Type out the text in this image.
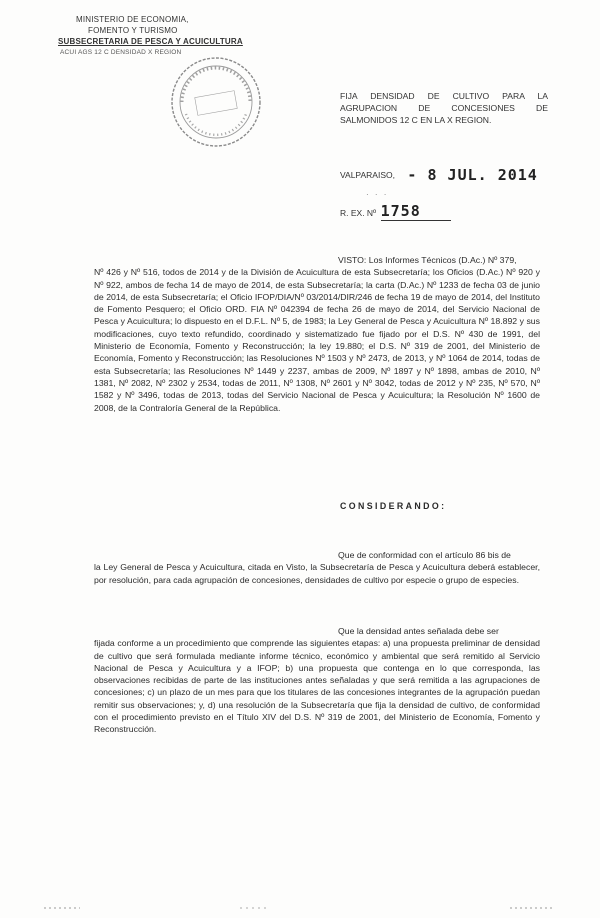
MINISTERIO DE ECONOMIA,
FOMENTO Y TURISMO
SUBSECRETARIA DE PESCA Y ACUICULTURA
ACUI AGS 12 C DENSIDAD X REGION
FIJA DENSIDAD DE CULTIVO PARA LA AGRUPACION DE CONCESIONES DE SALMONIDOS 12 C EN LA X REGION.
VALPARAISO, - 8 JUL. 2014
· · ·
R. EX. Nº 1758
VISTO: Los Informes Técnicos (D.Ac.) Nº 379,
Nº 426 y Nº 516, todos de 2014 y de la División de Acuicultura de esta Subsecretaría; los Oficios (D.Ac.) Nº 920 y Nº 922, ambos de fecha 14 de mayo de 2014, de esta Subsecretaría; la carta (D.Ac.) Nº 1233 de fecha 03 de junio de 2014, de esta Subsecretaría; el Oficio IFOP/DIA/Nº 03/2014/DIR/246 de fecha 19 de mayo de 2014, del Instituto de Fomento Pesquero; el Oficio ORD. FIA Nº 042394 de fecha 26 de mayo de 2014, del Servicio Nacional de Pesca y Acuicultura; lo dispuesto en el D.F.L. Nº 5, de 1983; la Ley General de Pesca y Acuicultura Nº 18.892 y sus modificaciones, cuyo texto refundido, coordinado y sistematizado fue fijado por el D.S. Nº 430 de 1991, del Ministerio de Economía, Fomento y Reconstrucción; la ley 19.880; el D.S. Nº 319 de 2001, del Ministerio de Economía, Fomento y Reconstrucción; las Resoluciones Nº 1503 y Nº 2473, de 2013, y Nº 1064 de 2014, todas de esta Subsecretaría; las Resoluciones Nº 1449 y 2237, ambas de 2009, Nº 1897 y Nº 1898, ambas de 2010, Nº 1381, Nº 2082, Nº 2302 y 2534, todas de 2011, Nº 1308, Nº 2601 y Nº 3042, todas de 2012 y Nº 235, Nº 570, Nº 1582 y Nº 3496, todas de 2013, todas del Servicio Nacional de Pesca y Acuicultura; la Resolución Nº 1600 de 2008, de la Contraloría General de la República.
CONSIDERANDO:
Que de conformidad con el artículo 86 bis de
la Ley General de Pesca y Acuicultura, citada en Visto, la Subsecretaría de Pesca y Acuicultura deberá establecer, por resolución, para cada agrupación de concesiones, densidades de cultivo por especie o grupo de especies.
Que la densidad antes señalada debe ser
fijada conforme a un procedimiento que comprende las siguientes etapas: a) una propuesta preliminar de densidad de cultivo que será formulada mediante informe técnico, económico y ambiental que será remitido al Servicio Nacional de Pesca y Acuicultura y a IFOP; b) una propuesta que contenga en lo que corresponda, las observaciones recibidas de parte de las instituciones antes señaladas y que será remitida a las agrupaciones de concesiones; c) un plazo de un mes para que los titulares de las concesiones integrantes de la agrupación puedan remitir sus observaciones; y, d) una resolución de la Subsecretaría que fija la densidad de cultivo, de conformidad con el procedimiento previsto en el Título XIV del D.S. Nº 319 de 2001, del Ministerio de Economía, Fomento y Reconstrucción.
